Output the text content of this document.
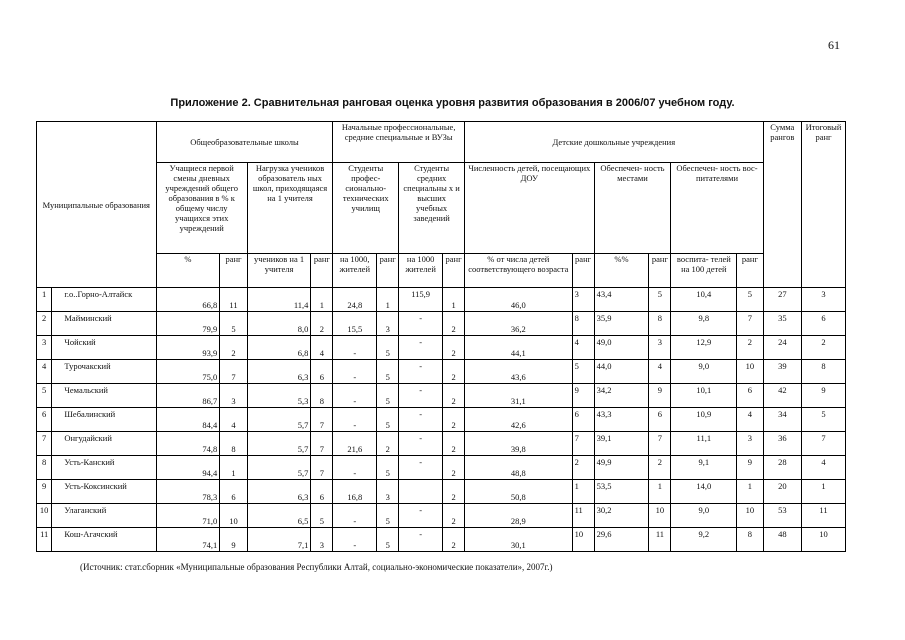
61
Приложение 2. Сравнительная ранговая оценка уровня развития образования в 2006/07 учебном году.
Муниципальные образования		Общеобразовательные школы				Начальные профессиональные, средние специальные и ВУЗы				Детские дошкольные учреждения						Сумма рангов	Итоговый ранг
		Учащиеся первой смены дневных учреждений общего образования в % к общему числу учащихся этих учреждений		Нагрузка учеников образователь ных школ, приходящаяся на 1 учителя		Студенты профес- сионально- технических училищ		Студенты средних специальны х и высших учебных заведений		Численность детей, посещающих ДОУ		Обеспечен- ность местами		Обеспечен- ность вос- питателями			
		%	ранг	учеников на 1 учителя	ранг	на 1000, жителей	ранг	на 1000 жителей	ранг	% от числа детей соответствующего возраста	ранг	%%	ранг	воспита- телей на 100 детей	ранг		
1	г.о..Горно-Алтайск	66,8	11	11,4	1	24,8	1	115,9	1	46,0	3	43,4	5	10,4	5	27	3
2	Майминский	79,9	5	8,0	2	15,5	3	-	2	36,2	8	35,9	8	9,8	7	35	6
3	Чойский	93,9	2	6,8	4	-	5	-	2	44,1	4	49,0	3	12,9	2	24	2
4	Турочакский	75,0	7	6,3	6	-	5	-	2	43,6	5	44,0	4	9,0	10	39	8
5	Чемальский	86,7	3	5,3	8	-	5	-	2	31,1	9	34,2	9	10,1	6	42	9
6	Шебалинский	84,4	4	5,7	7	-	5	-	2	42,6	6	43,3	6	10,9	4	34	5
7	Онгудайский	74,8	8	5,7	7	21,6	2	-	2	39,8	7	39,1	7	11,1	3	36	7
8	Усть-Канский	94,4	1	5,7	7	-	5	-	2	48,8	2	49,9	2	9,1	9	28	4
9	Усть-Коксинский	78,3	6	6,3	6	16,8	3		2	50,8	1	53,5	1	14,0	1	20	1
10	Улаганский	71,0	10	6,5	5	-	5	-	2	28,9	11	30,2	10	9,0	10	53	11
11	Кош-Агачский	74,1	9	7,1	3	-	5	-	2	30,1	10	29,6	11	9,2	8	48	10
(Источник: стат.сборник «Муниципальные образования Республики Алтай, социально-экономические показатели», 2007г.)
